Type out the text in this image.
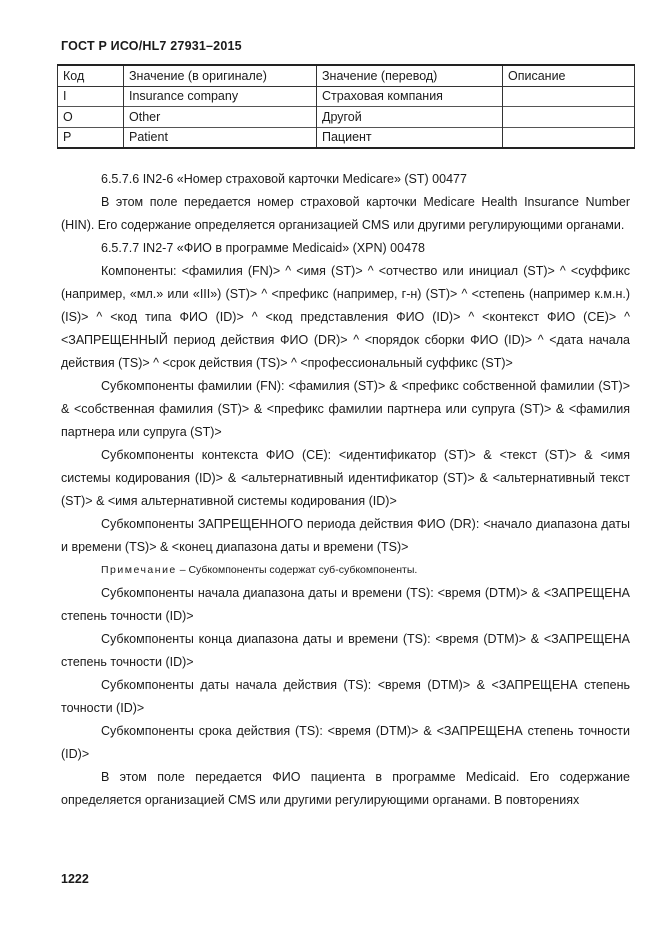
ГОСТ Р ИСО/HL7 27931–2015
Код	Значение (в оригинале)	Значение (перевод)	Описание
I	Insurance company	Страховая компания	
O	Other	Другой	
P	Patient	Пациент	

6.5.7.6 IN2-6 «Номер страховой карточки Medicare» (ST) 00477

В этом поле передается номер страховой карточки Medicare Health Insurance Number (HIN). Его содержание определяется организацией CMS или другими регулирующими органами.

6.5.7.7 IN2-7 «ФИО в программе Medicaid» (XPN) 00478

Компоненты: <фамилия (FN)> ^ <имя (ST)> ^ <отчество или инициал (ST)> ^ <суффикс (например, «мл.» или «III») (ST)> ^ <префикс (например, г-н) (ST)> ^ <степень (например к.м.н.) (IS)> ^ <код типа ФИО (ID)> ^ <код представления ФИО (ID)> ^ <контекст ФИО (CE)> ^ <ЗАПРЕЩЕННЫЙ период действия ФИО (DR)> ^ <порядок сборки ФИО (ID)> ^ <дата начала действия (TS)> ^ <срок действия (TS)> ^ <профессиональный суффикс (ST)>

Субкомпоненты фамилии (FN): <фамилия (ST)> & <префикс собственной фамилии (ST)> & <собственная фамилия (ST)> & <префикс фамилии партнера или супруга (ST)> & <фамилия партнера или супруга (ST)>

Субкомпоненты контекста ФИО (CE): <идентификатор (ST)> & <текст (ST)> & <имя системы кодирования (ID)> & <альтернативный идентификатор (ST)> & <альтернативный текст (ST)> & <имя альтернативной системы кодирования (ID)>

Субкомпоненты ЗАПРЕЩЕННОГО периода действия ФИО (DR): <начало диапазона даты и времени (TS)> & <конец диапазона даты и времени (TS)>

Примечание – Субкомпоненты содержат суб-субкомпоненты.

Субкомпоненты начала диапазона даты и времени (TS): <время (DTM)> & <ЗАПРЕЩЕНА степень точности (ID)>

Субкомпоненты конца диапазона даты и времени (TS): <время (DTM)> & <ЗАПРЕЩЕНА степень точности (ID)>

Субкомпоненты даты начала действия (TS): <время (DTM)> & <ЗАПРЕЩЕНА степень точности (ID)>

Субкомпоненты срока действия (TS): <время (DTM)> & <ЗАПРЕЩЕНА степень точности (ID)>

В этом поле передается ФИО пациента в программе Medicaid. Его содержание определяется организацией CMS или другими регулирующими органами. В повторениях

1222
